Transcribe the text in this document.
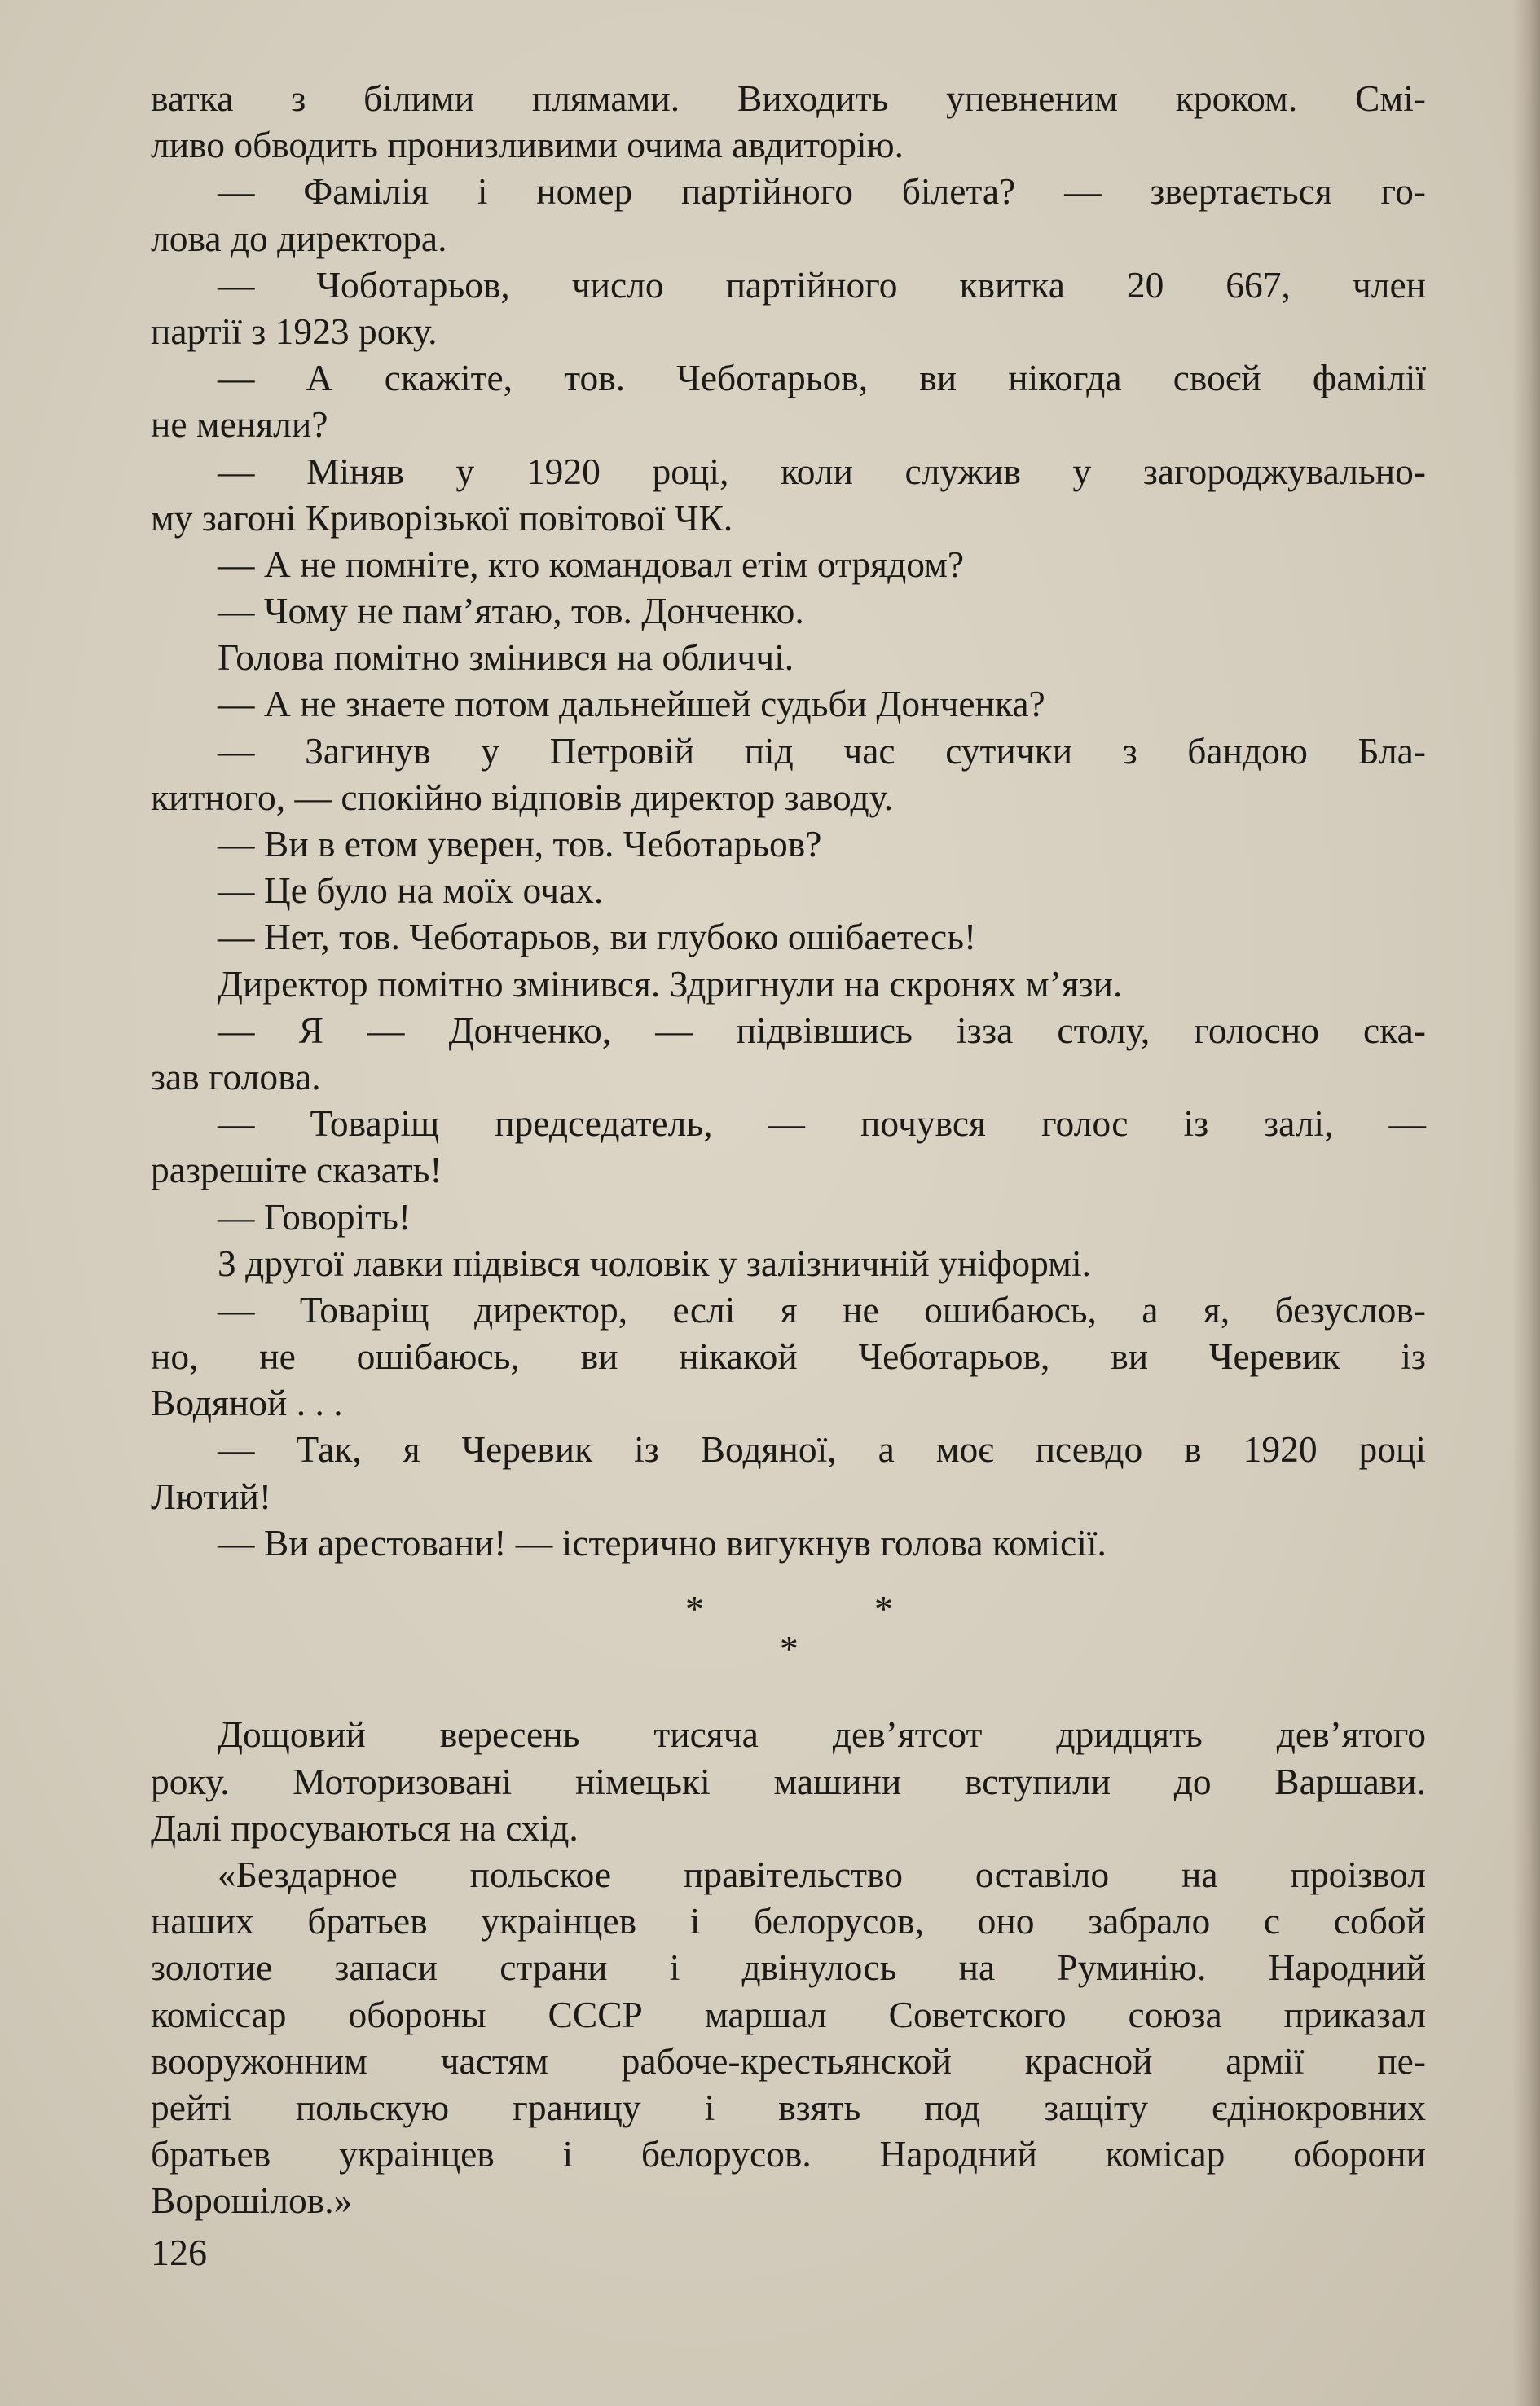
ватка з білими плямами. Виходить упевненим кроком. Смі-
ливо обводить пронизливими очима авдиторію.
— Фамілія і номер партійного білета? — звертається го-
лова до директора.
— Чоботарьов, число партійного квитка 20 667, член
партії з 1923 року.
— А скажіте, тов. Чеботарьов, ви нікогда своєй фамілії
не меняли?
— Міняв у 1920 році, коли служив у загороджувально-
му загоні Криворізької повітової ЧК.
— А не помніте, кто командовал етім отрядом?
— Чому не пам’ятаю, тов. Донченко.
Голова помітно змінився на обличчі.
— А не знаете потом дальнейшей судьби Донченка?
— Загинув у Петровій під час сутички з бандою Бла-
китного, — спокійно відповів директор заводу.
— Ви в етом уверен, тов. Чеботарьов?
— Це було на моїх очах.
— Нет, тов. Чеботарьов, ви глубоко ошібаетесь!
Директор помітно змінився. Здригнули на скронях м’язи.
— Я — Донченко, — підвівшись ізза столу, голосно ска-
зав голова.
— Товаріщ председатель, — почувся голос із залі, —
разрешіте сказать!
— Говоріть!
З другої лавки підвівся чоловік у залізничній уніформі.
— Товаріщ директор, еслі я не ошибаюсь, а я, безуслов-
но, не ошібаюсь, ви нікакой Чеботарьов, ви Черевик із
Водяной . . .
— Так, я Черевик із Водяної, а моє псевдо в 1920 році
Лютий!
— Ви арестовани! — істерично вигукнув голова комісії.
*	*
*
Дощовий вересень тисяча дев’ятсот дридцять дев’ятого
року. Моторизовані німецькі машини вступили до Варшави.
Далі просуваються на схід.
«Бездарное польское правітельство оставіло на проізвол
наших братьев украінцев і белорусов, оно забрало с собой
золотие запаси страни і двінулось на Руминію. Народний
комісcар обороны СССР маршал Советского союза приказал
вооружонним частям рабоче-крестьянской красной армії пе-
рейті польскую границу і взять под защіту єдінокровних
братьев украінцев і белорусов. Народний комісар оборони
Ворошілов.»
126
